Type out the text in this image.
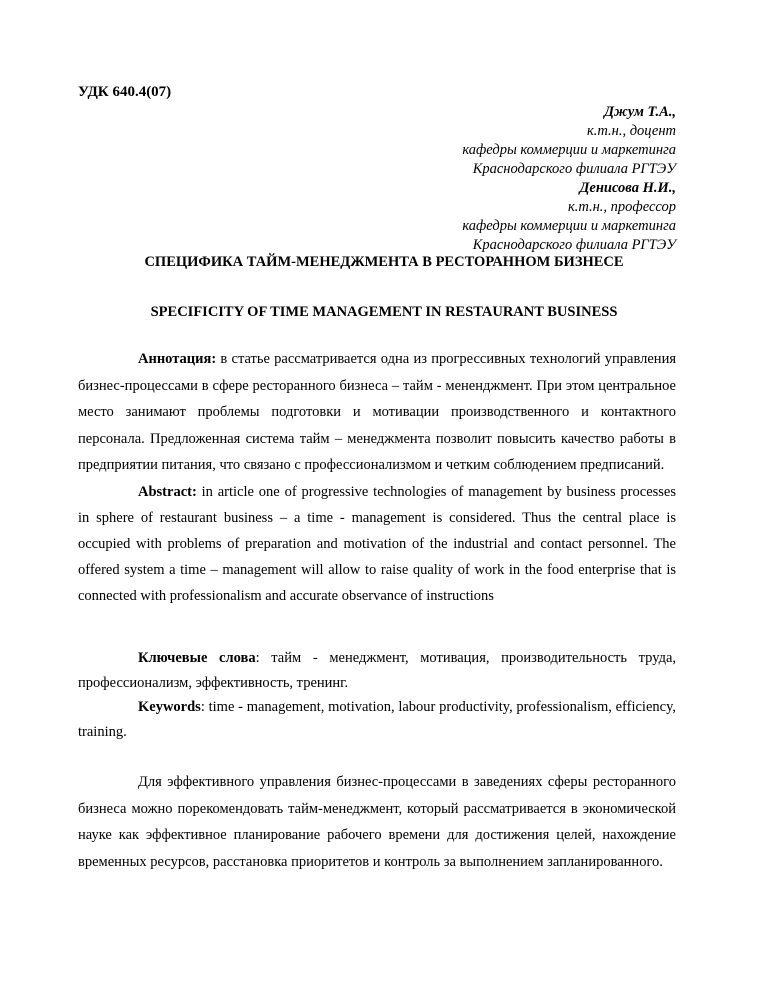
УДК 640.4(07)
Джум Т.А.,
к.т.н., доцент
кафедры коммерции и маркетинга
Краснодарского филиала РГТЭУ
Денисова Н.И.,
к.т.н., профессор
кафедры коммерции и маркетинга
Краснодарского филиала РГТЭУ
СПЕЦИФИКА ТАЙМ-МЕНЕДЖМЕНТА В РЕСТОРАННОМ БИЗНЕСЕ
SPECIFICITY OF TIME MANAGEMENT IN RESTAURANT BUSINESS

Аннотация: в статье рассматривается одна из прогрессивных технологий управления бизнес-процессами в сфере ресторанного бизнеса – тайм - мененджмент. При этом центральное место занимают проблемы подготовки и мотивации производственного и контактного персонала. Предложенная система тайм – менеджмента позволит повысить качество работы в предприятии питания, что связано с профессионализмом и четким соблюдением предписаний.

Abstract: in article one of progressive technologies of management by business processes in sphere of restaurant business – a time - management is considered. Thus the central place is occupied with problems of preparation and motivation of the industrial and contact personnel. The offered system a time – management will allow to raise quality of work in the food enterprise that is connected with professionalism and accurate observance of instructions

Ключевые слова: тайм - менеджмент, мотивация, производительность труда, профессионализм, эффективность, тренинг.

Keywords: time - management, motivation, labour productivity, professionalism, efficiency, training.

Для эффективного управления бизнес-процессами в заведениях сферы ресторанного бизнеса можно порекомендовать тайм-менеджмент, который рассматривается в экономической науке как эффективное планирование рабочего времени для достижения целей, нахождение временных ресурсов, расстановка приоритетов и контроль за выполнением запланированного.
